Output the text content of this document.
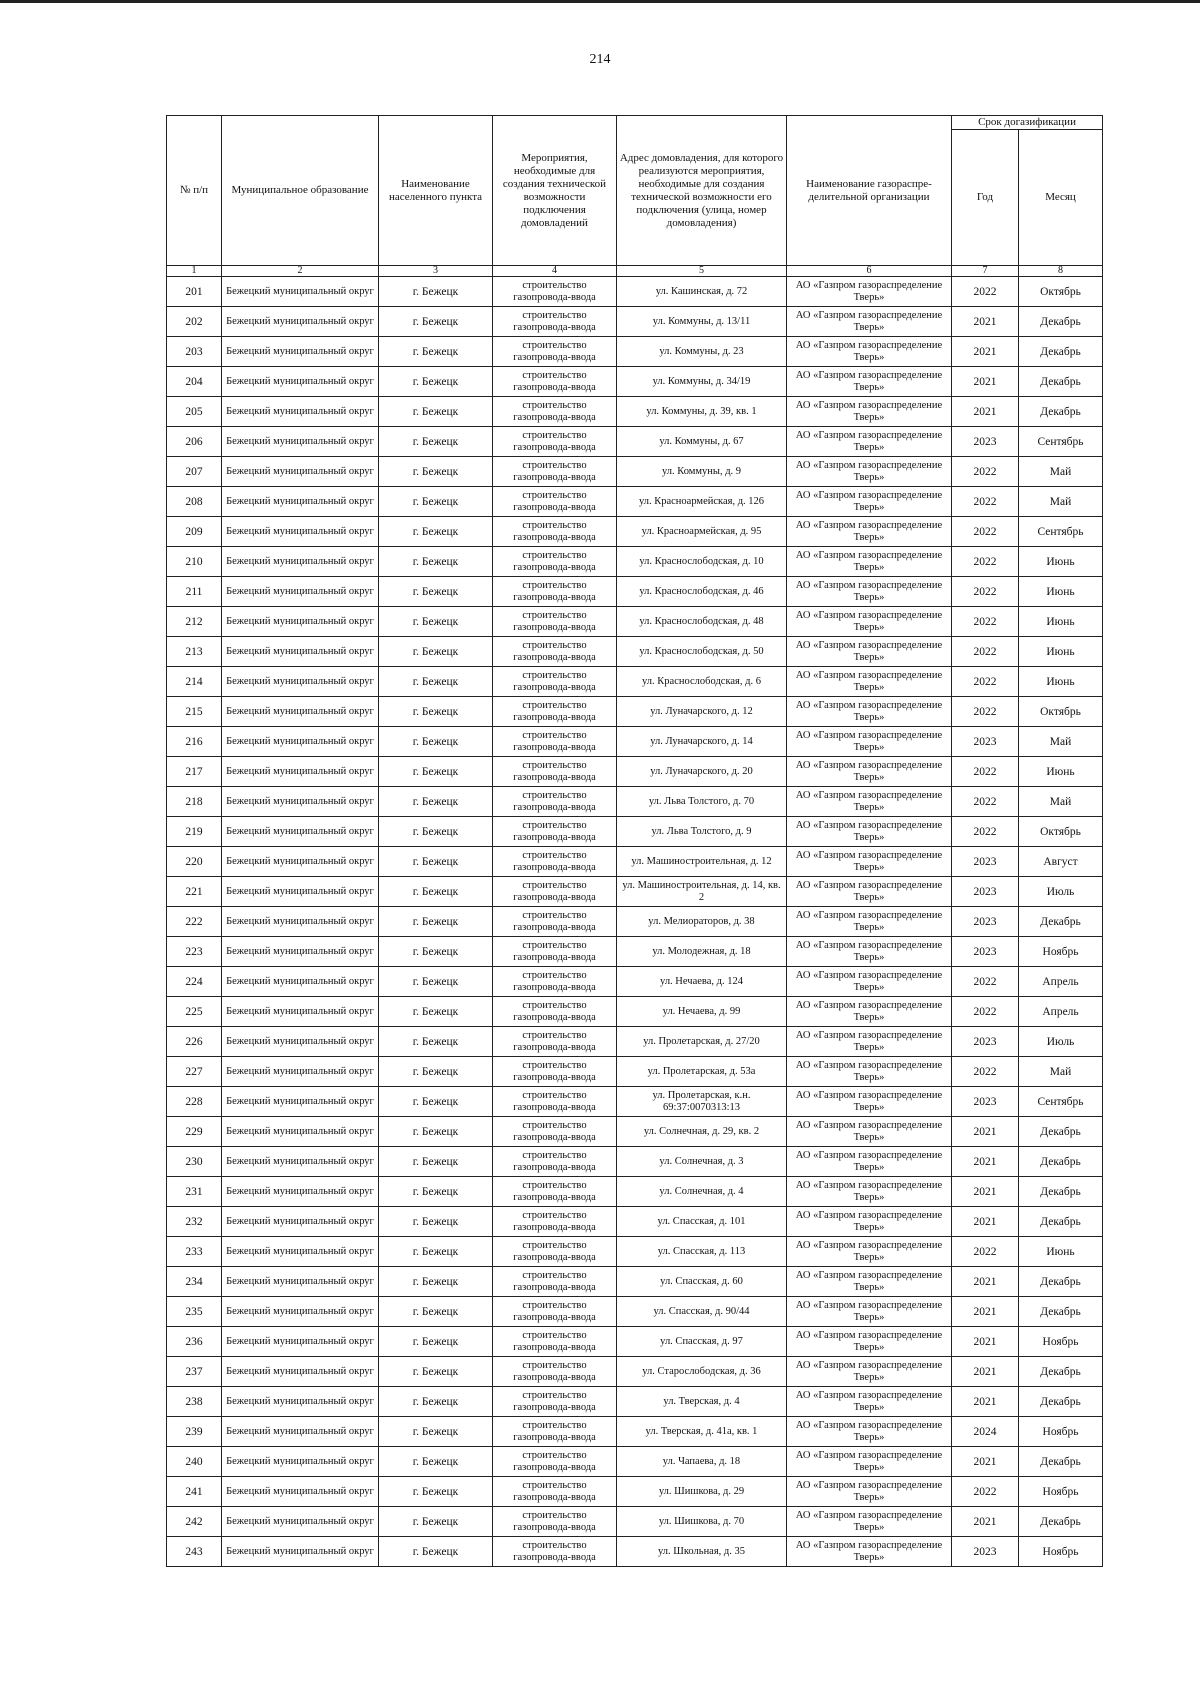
214
№ п/п	Муниципальное образование	Наименование населенного пункта	Мероприятия, необходимые для создания технической возможности подключения домовладений	Адрес домовладения, для которого реализуются мероприятия, необходимые для создания технической возможности его подключения (улица, номер домовладения)	Наименование газораспре-делительной организации	Срок догазификации	
						Год	Месяц
1	2	3	4	5	6	7	8
201	Бежецкий муниципальный округ	г. Бежецк	строительство газопровода-ввода	ул. Кашинская, д. 72	АО «Газпром газораспределение Тверь»	2022	Октябрь
202	Бежецкий муниципальный округ	г. Бежецк	строительство газопровода-ввода	ул. Коммуны, д. 13/11	АО «Газпром газораспределение Тверь»	2021	Декабрь
203	Бежецкий муниципальный округ	г. Бежецк	строительство газопровода-ввода	ул. Коммуны, д. 23	АО «Газпром газораспределение Тверь»	2021	Декабрь
204	Бежецкий муниципальный округ	г. Бежецк	строительство газопровода-ввода	ул. Коммуны, д. 34/19	АО «Газпром газораспределение Тверь»	2021	Декабрь
205	Бежецкий муниципальный округ	г. Бежецк	строительство газопровода-ввода	ул. Коммуны, д. 39, кв. 1	АО «Газпром газораспределение Тверь»	2021	Декабрь
206	Бежецкий муниципальный округ	г. Бежецк	строительство газопровода-ввода	ул. Коммуны, д. 67	АО «Газпром газораспределение Тверь»	2023	Сентябрь
207	Бежецкий муниципальный округ	г. Бежецк	строительство газопровода-ввода	ул. Коммуны, д. 9	АО «Газпром газораспределение Тверь»	2022	Май
208	Бежецкий муниципальный округ	г. Бежецк	строительство газопровода-ввода	ул. Красноармейская, д. 126	АО «Газпром газораспределение Тверь»	2022	Май
209	Бежецкий муниципальный округ	г. Бежецк	строительство газопровода-ввода	ул. Красноармейская, д. 95	АО «Газпром газораспределение Тверь»	2022	Сентябрь
210	Бежецкий муниципальный округ	г. Бежецк	строительство газопровода-ввода	ул. Краснослободская, д. 10	АО «Газпром газораспределение Тверь»	2022	Июнь
211	Бежецкий муниципальный округ	г. Бежецк	строительство газопровода-ввода	ул. Краснослободская, д. 46	АО «Газпром газораспределение Тверь»	2022	Июнь
212	Бежецкий муниципальный округ	г. Бежецк	строительство газопровода-ввода	ул. Краснослободская, д. 48	АО «Газпром газораспределение Тверь»	2022	Июнь
213	Бежецкий муниципальный округ	г. Бежецк	строительство газопровода-ввода	ул. Краснослободская, д. 50	АО «Газпром газораспределение Тверь»	2022	Июнь
214	Бежецкий муниципальный округ	г. Бежецк	строительство газопровода-ввода	ул. Краснослободская, д. 6	АО «Газпром газораспределение Тверь»	2022	Июнь
215	Бежецкий муниципальный округ	г. Бежецк	строительство газопровода-ввода	ул. Луначарского, д. 12	АО «Газпром газораспределение Тверь»	2022	Октябрь
216	Бежецкий муниципальный округ	г. Бежецк	строительство газопровода-ввода	ул. Луначарского, д. 14	АО «Газпром газораспределение Тверь»	2023	Май
217	Бежецкий муниципальный округ	г. Бежецк	строительство газопровода-ввода	ул. Луначарского, д. 20	АО «Газпром газораспределение Тверь»	2022	Июнь
218	Бежецкий муниципальный округ	г. Бежецк	строительство газопровода-ввода	ул. Льва Толстого, д. 70	АО «Газпром газораспределение Тверь»	2022	Май
219	Бежецкий муниципальный округ	г. Бежецк	строительство газопровода-ввода	ул. Льва Толстого, д. 9	АО «Газпром газораспределение Тверь»	2022	Октябрь
220	Бежецкий муниципальный округ	г. Бежецк	строительство газопровода-ввода	ул. Машиностроительная, д. 12	АО «Газпром газораспределение Тверь»	2023	Август
221	Бежецкий муниципальный округ	г. Бежецк	строительство газопровода-ввода	ул. Машиностроительная, д. 14, кв. 2	АО «Газпром газораспределение Тверь»	2023	Июль
222	Бежецкий муниципальный округ	г. Бежецк	строительство газопровода-ввода	ул. Мелиораторов, д. 38	АО «Газпром газораспределение Тверь»	2023	Декабрь
223	Бежецкий муниципальный округ	г. Бежецк	строительство газопровода-ввода	ул. Молодежная, д. 18	АО «Газпром газораспределение Тверь»	2023	Ноябрь
224	Бежецкий муниципальный округ	г. Бежецк	строительство газопровода-ввода	ул. Нечаева, д. 124	АО «Газпром газораспределение Тверь»	2022	Апрель
225	Бежецкий муниципальный округ	г. Бежецк	строительство газопровода-ввода	ул. Нечаева, д. 99	АО «Газпром газораспределение Тверь»	2022	Апрель
226	Бежецкий муниципальный округ	г. Бежецк	строительство газопровода-ввода	ул. Пролетарская, д. 27/20	АО «Газпром газораспределение Тверь»	2023	Июль
227	Бежецкий муниципальный округ	г. Бежецк	строительство газопровода-ввода	ул. Пролетарская, д. 53а	АО «Газпром газораспределение Тверь»	2022	Май
228	Бежецкий муниципальный округ	г. Бежецк	строительство газопровода-ввода	ул. Пролетарская, к.н. 69:37:0070313:13	АО «Газпром газораспределение Тверь»	2023	Сентябрь
229	Бежецкий муниципальный округ	г. Бежецк	строительство газопровода-ввода	ул. Солнечная, д. 29, кв. 2	АО «Газпром газораспределение Тверь»	2021	Декабрь
230	Бежецкий муниципальный округ	г. Бежецк	строительство газопровода-ввода	ул. Солнечная, д. 3	АО «Газпром газораспределение Тверь»	2021	Декабрь
231	Бежецкий муниципальный округ	г. Бежецк	строительство газопровода-ввода	ул. Солнечная, д. 4	АО «Газпром газораспределение Тверь»	2021	Декабрь
232	Бежецкий муниципальный округ	г. Бежецк	строительство газопровода-ввода	ул. Спасская, д. 101	АО «Газпром газораспределение Тверь»	2021	Декабрь
233	Бежецкий муниципальный округ	г. Бежецк	строительство газопровода-ввода	ул. Спасская, д. 113	АО «Газпром газораспределение Тверь»	2022	Июнь
234	Бежецкий муниципальный округ	г. Бежецк	строительство газопровода-ввода	ул. Спасская, д. 60	АО «Газпром газораспределение Тверь»	2021	Декабрь
235	Бежецкий муниципальный округ	г. Бежецк	строительство газопровода-ввода	ул. Спасская, д. 90/44	АО «Газпром газораспределение Тверь»	2021	Декабрь
236	Бежецкий муниципальный округ	г. Бежецк	строительство газопровода-ввода	ул. Спасская, д. 97	АО «Газпром газораспределение Тверь»	2021	Ноябрь
237	Бежецкий муниципальный округ	г. Бежецк	строительство газопровода-ввода	ул. Старослободская, д. 36	АО «Газпром газораспределение Тверь»	2021	Декабрь
238	Бежецкий муниципальный округ	г. Бежецк	строительство газопровода-ввода	ул. Тверская, д. 4	АО «Газпром газораспределение Тверь»	2021	Декабрь
239	Бежецкий муниципальный округ	г. Бежецк	строительство газопровода-ввода	ул. Тверская, д. 41а, кв. 1	АО «Газпром газораспределение Тверь»	2024	Ноябрь
240	Бежецкий муниципальный округ	г. Бежецк	строительство газопровода-ввода	ул. Чапаева, д. 18	АО «Газпром газораспределение Тверь»	2021	Декабрь
241	Бежецкий муниципальный округ	г. Бежецк	строительство газопровода-ввода	ул. Шишкова, д. 29	АО «Газпром газораспределение Тверь»	2022	Ноябрь
242	Бежецкий муниципальный округ	г. Бежецк	строительство газопровода-ввода	ул. Шишкова, д. 70	АО «Газпром газораспределение Тверь»	2021	Декабрь
243	Бежецкий муниципальный округ	г. Бежецк	строительство газопровода-ввода	ул. Школьная, д. 35	АО «Газпром газораспределение Тверь»	2023	Ноябрь
